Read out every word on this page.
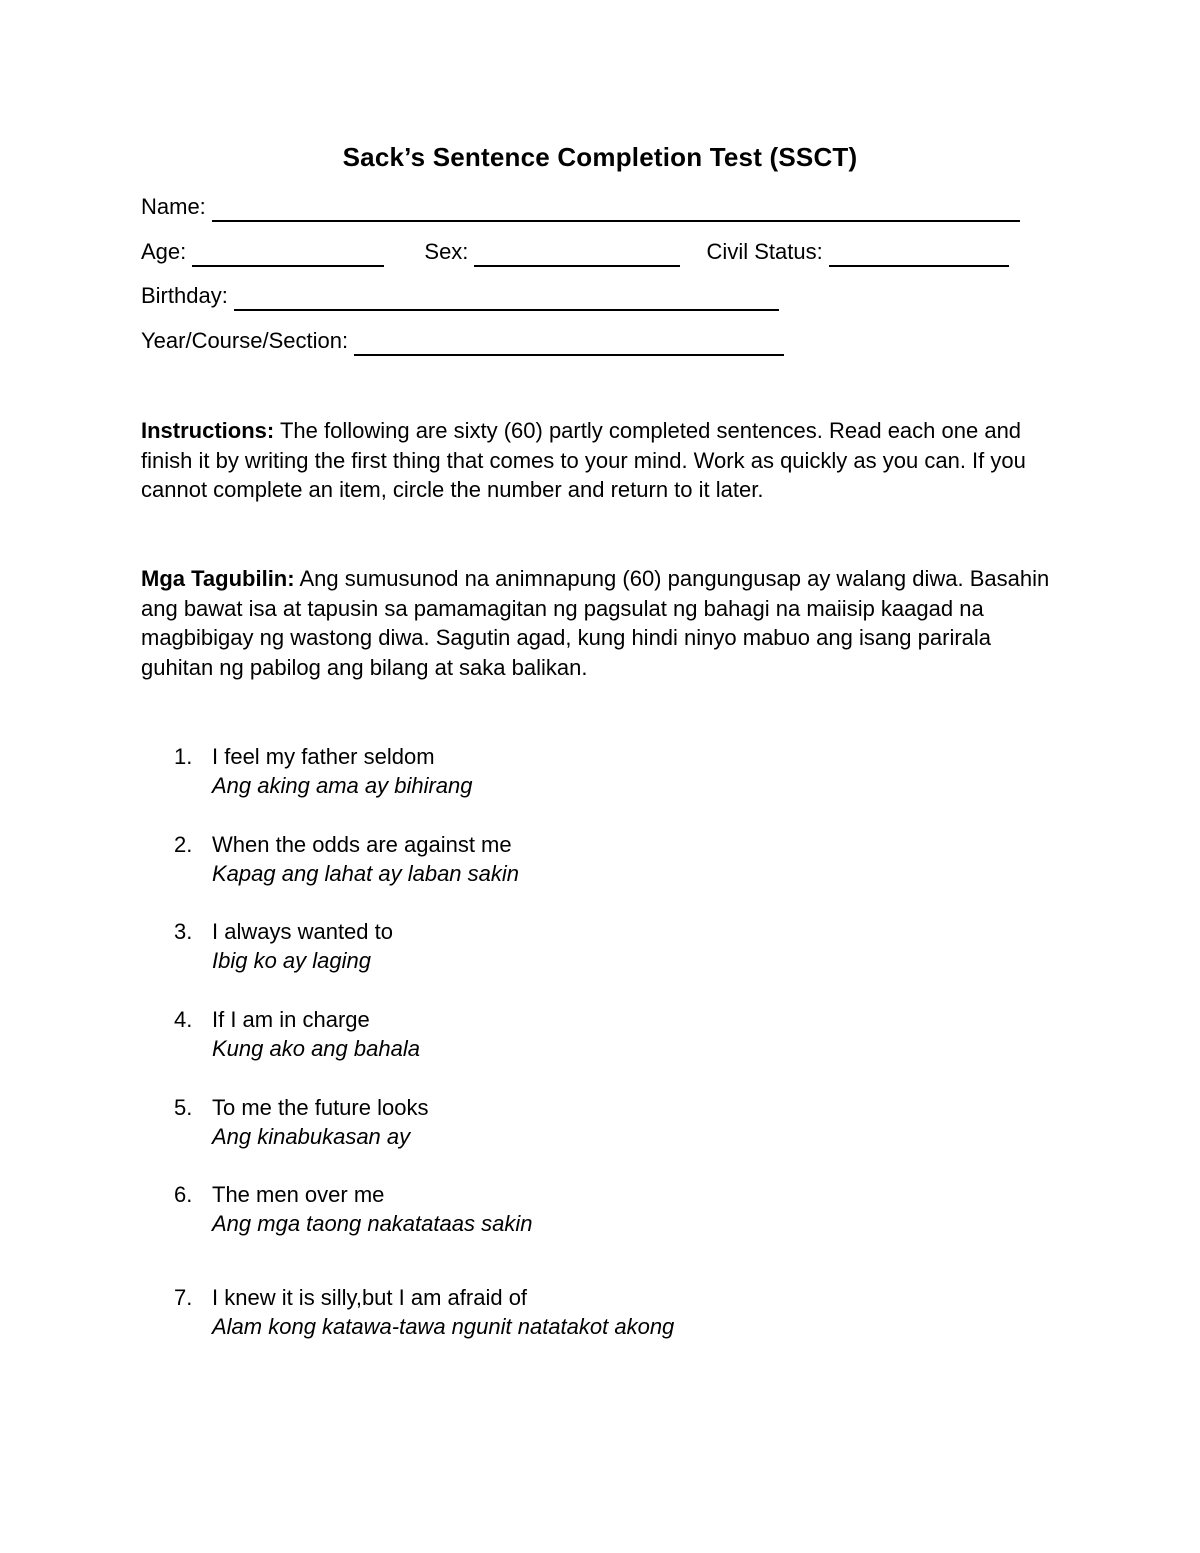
Sack’s Sentence Completion Test (SSCT)
Name:
Age:
	Sex:
	Civil Status:
Birthday:
Year/Course/Section:
Instructions: The following are sixty (60) partly completed sentences. Read each one and finish it by writing the first thing that comes to your mind. Work as quickly as you can. If you cannot complete an item, circle the number and return to it later.
Mga Tagubilin: Ang sumusunod na animnapung (60) pangungusap ay walang diwa. Basahin ang bawat isa at tapusin sa pamamagitan ng pagsulat ng bahagi na maiisip kaagad na magbibigay ng wastong diwa. Sagutin agad, kung hindi ninyo mabuo ang isang parirala guhitan ng pabilog ang bilang at saka balikan.
1. I feel my father seldom
Ang aking ama ay bihirang
2. When the odds are against me
Kapag ang lahat ay laban sakin
3. I always wanted to
Ibig ko ay laging
4. If I am in charge
Kung ako ang bahala
5. To me the future looks
Ang kinabukasan ay
6. The men over me
Ang mga taong nakatataas sakin
7. I knew it is silly,but I am afraid of
Alam kong katawa-tawa ngunit natatakot akong
